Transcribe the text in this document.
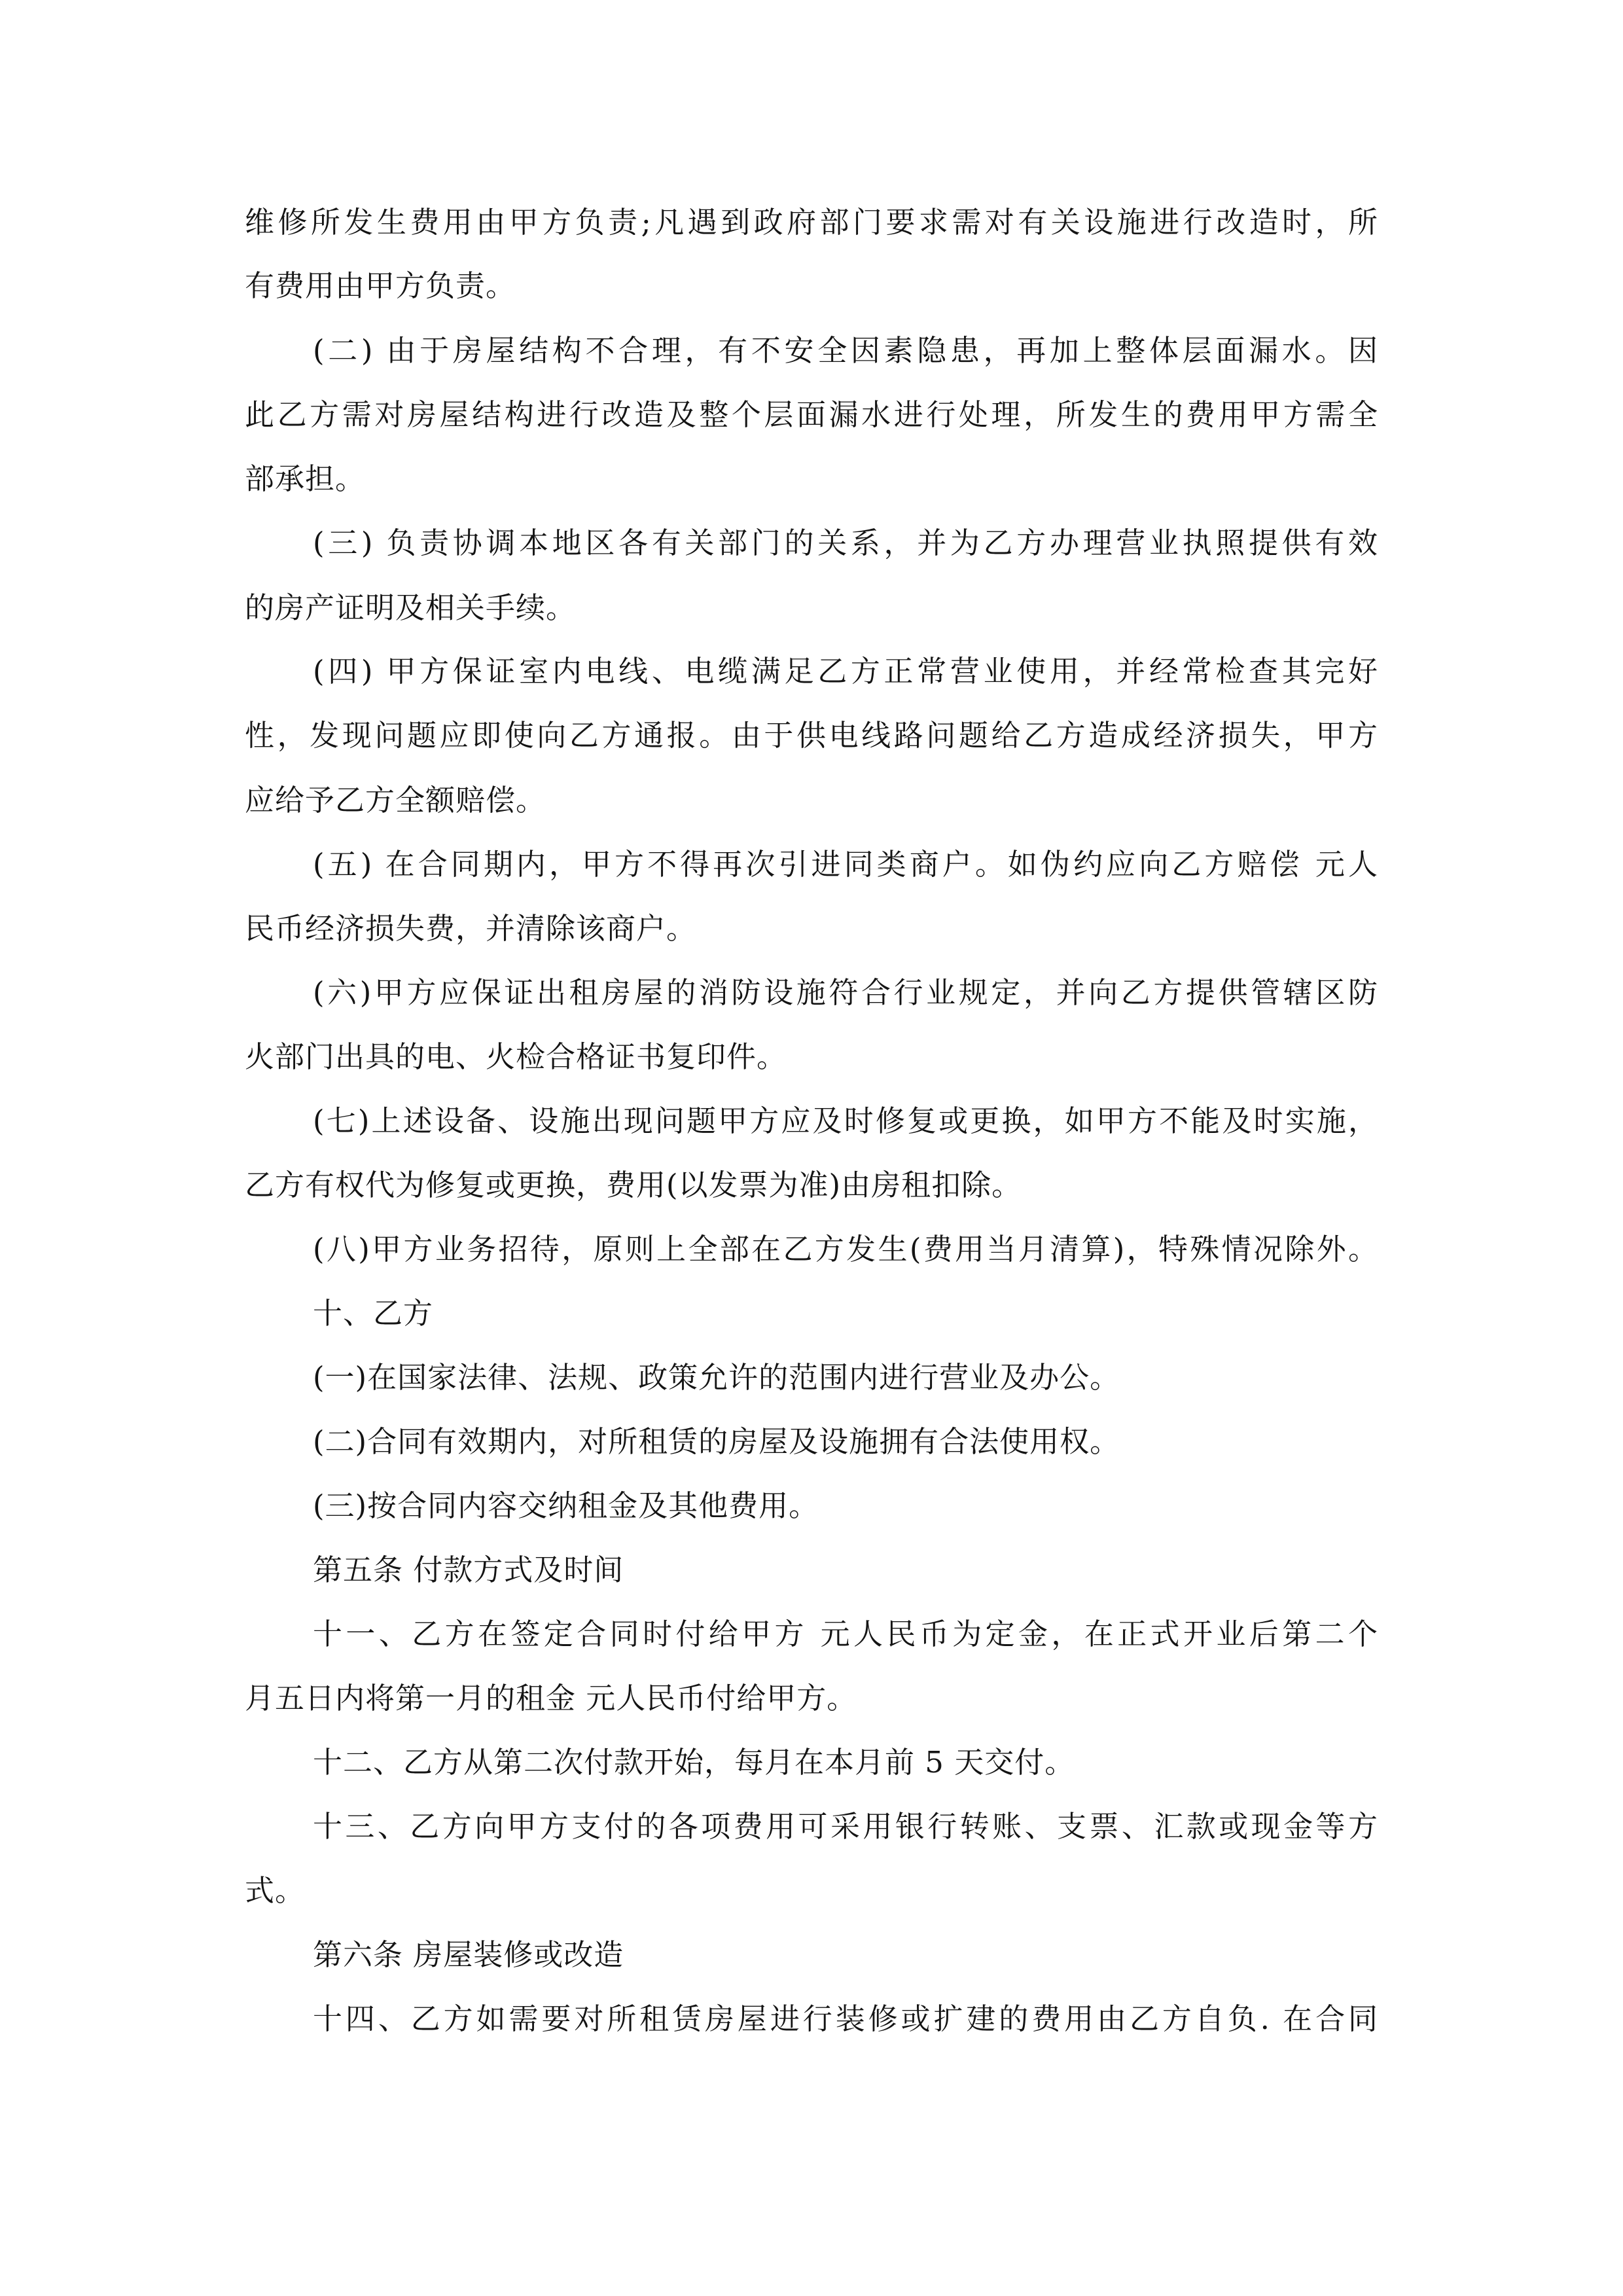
维修所发生费用由甲方负责;凡遇到政府部门要求需对有关设施进行改造时，所
有费用由甲方负责。
(二) 由于房屋结构不合理，有不安全因素隐患，再加上整体层面漏水。因
此乙方需对房屋结构进行改造及整个层面漏水进行处理，所发生的费用甲方需全
部承担。
(三) 负责协调本地区各有关部门的关系，并为乙方办理营业执照提供有效
的房产证明及相关手续。
(四) 甲方保证室内电线、电缆满足乙方正常营业使用，并经常检查其完好
性，发现问题应即使向乙方通报。由于供电线路问题给乙方造成经济损失，甲方
应给予乙方全额赔偿。
(五) 在合同期内，甲方不得再次引进同类商户。如伪约应向乙方赔偿 元人
民币经济损失费，并清除该商户。
(六)甲方应保证出租房屋的消防设施符合行业规定，并向乙方提供管辖区防
火部门出具的电、火检合格证书复印件。
(七)上述设备、设施出现问题甲方应及时修复或更换，如甲方不能及时实施，
乙方有权代为修复或更换，费用(以发票为准)由房租扣除。
(八)甲方业务招待，原则上全部在乙方发生(费用当月清算)，特殊情况除外。
十、乙方
(一)在国家法律、法规、政策允许的范围内进行营业及办公。
(二)合同有效期内，对所租赁的房屋及设施拥有合法使用权。
(三)按合同内容交纳租金及其他费用。
第五条 付款方式及时间
十一、乙方在签定合同时付给甲方 元人民币为定金，在正式开业后第二个
月五日内将第一月的租金 元人民币付给甲方。
十二、乙方从第二次付款开始，每月在本月前 5 天交付。
十三、乙方向甲方支付的各项费用可采用银行转账、支票、汇款或现金等方
式。
第六条 房屋装修或改造
十四、乙方如需要对所租赁房屋进行装修或扩建的费用由乙方自负. 在合同
